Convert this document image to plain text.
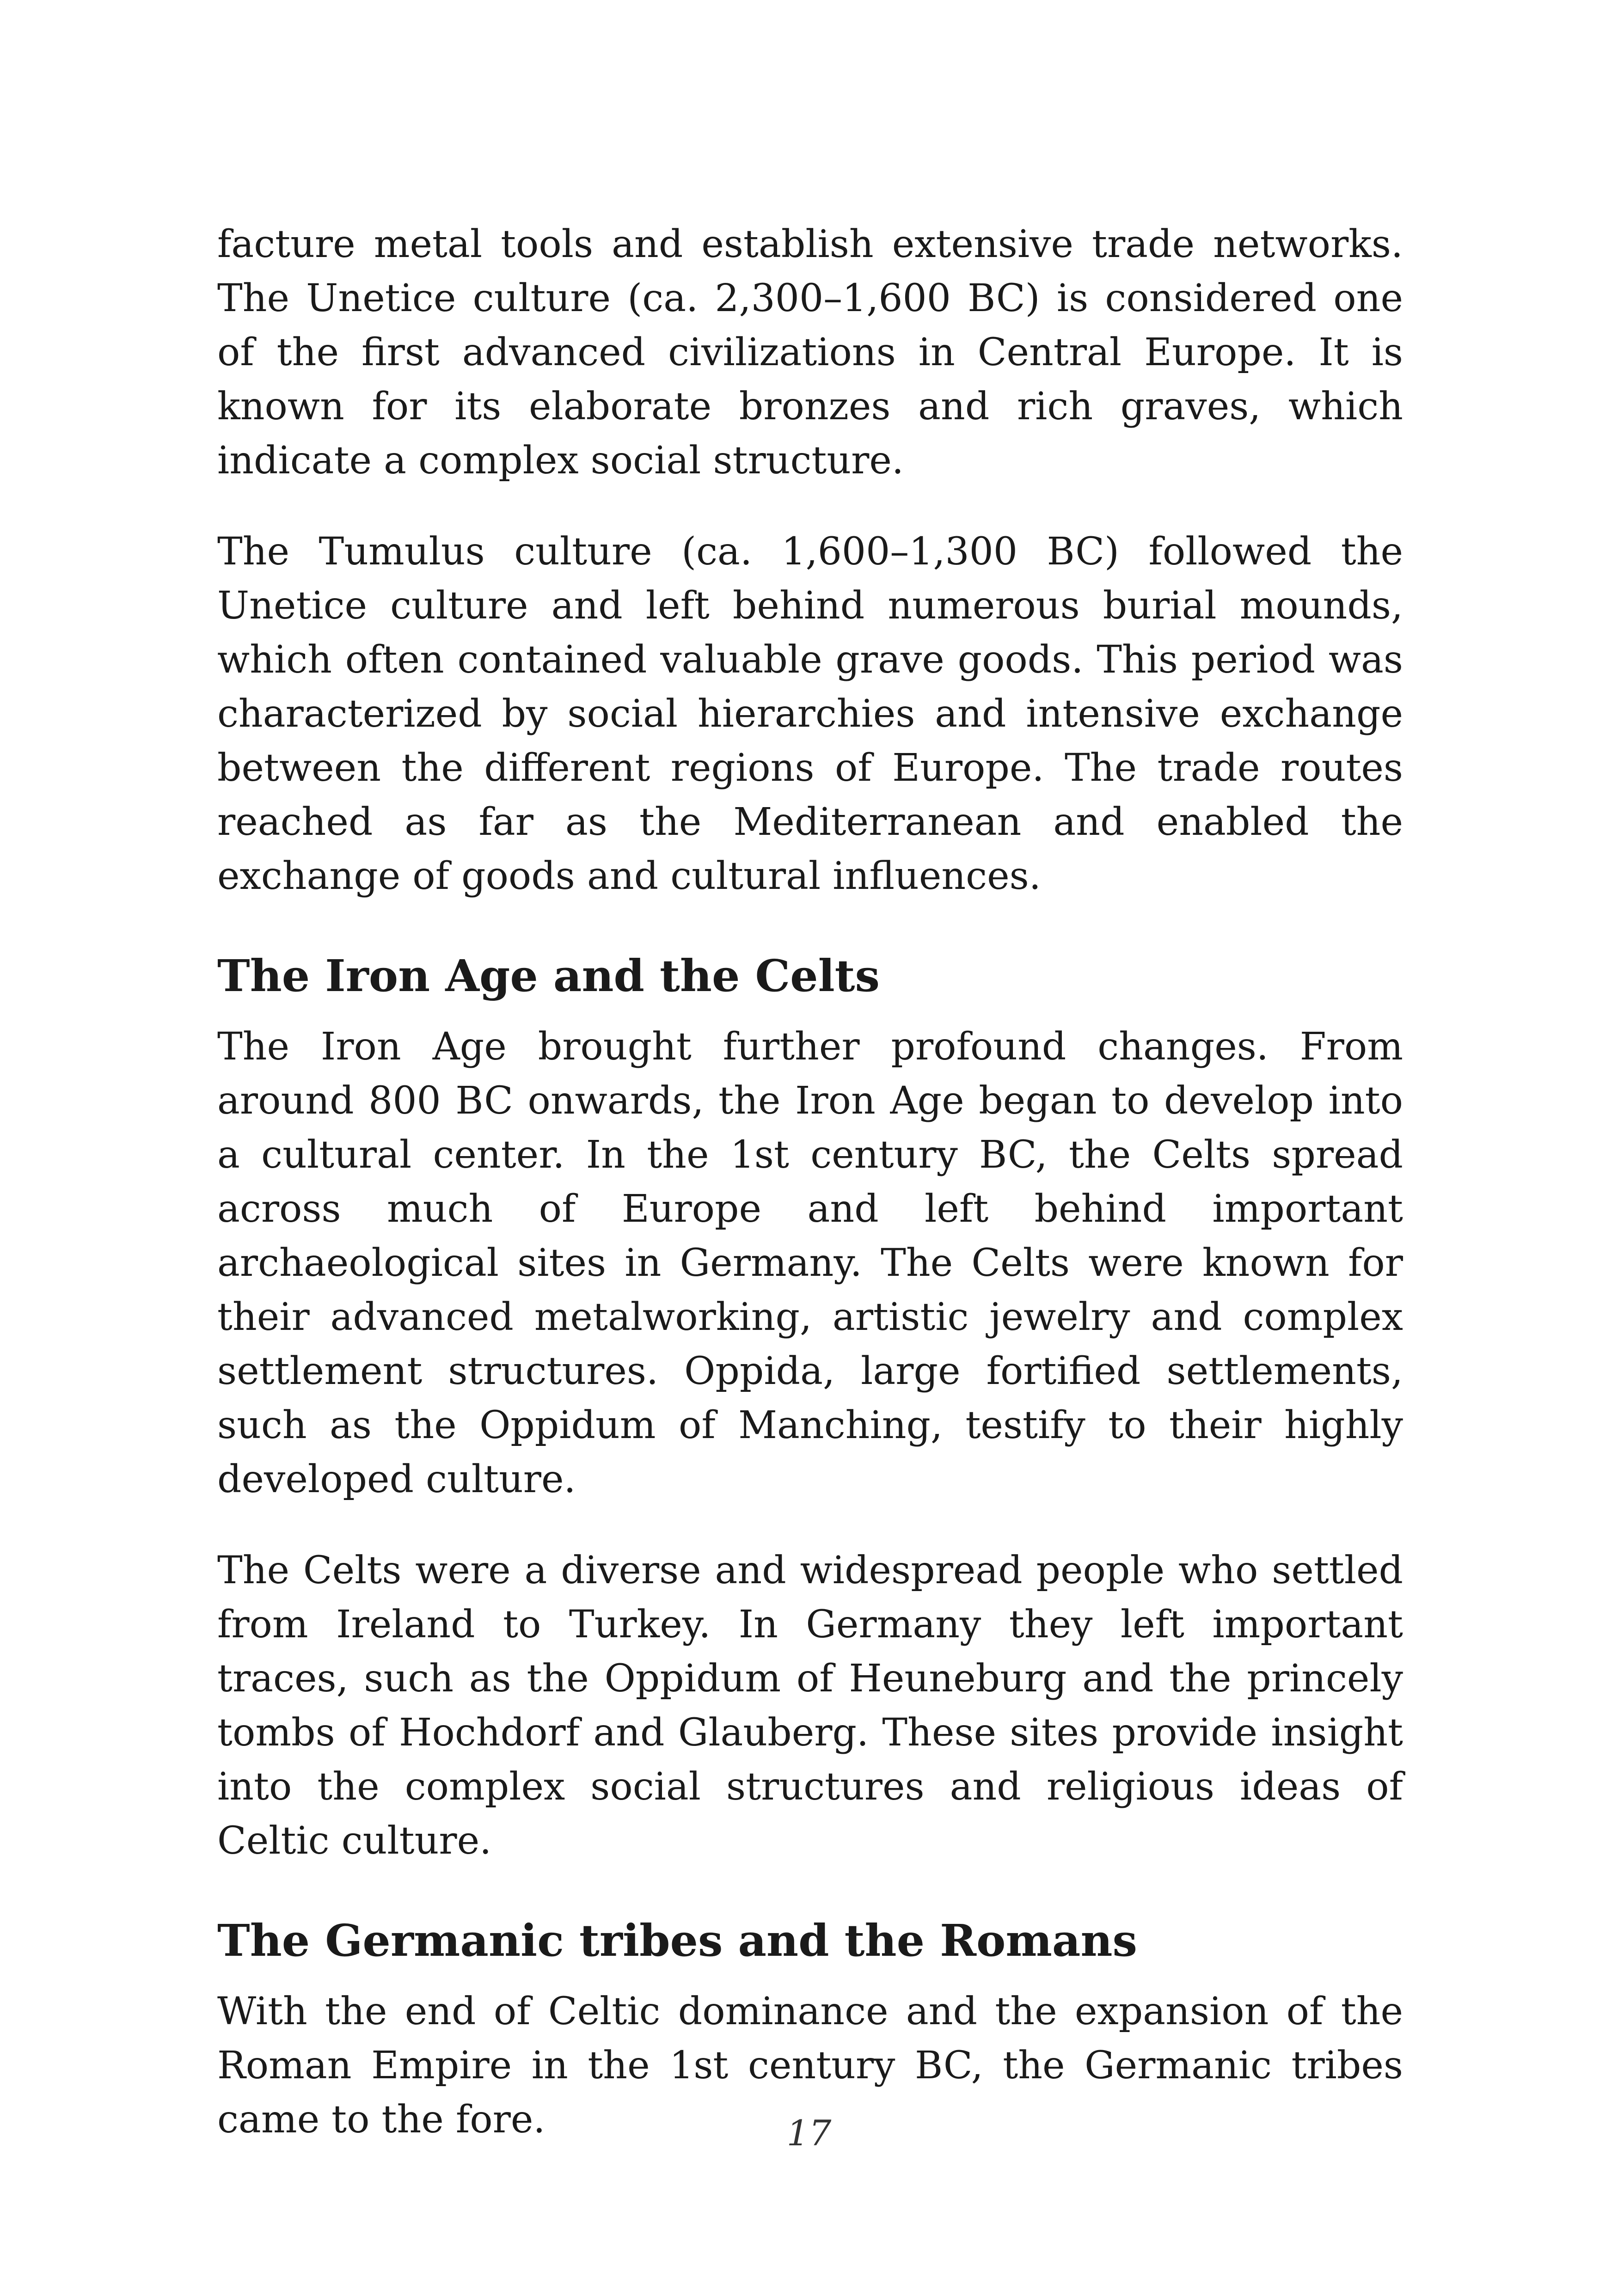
facture metal tools and establish extensive trade networks. The Unetice culture (ca. 2,300–1,600 BC) is considered one of the first advanced civilizations in Central Europe. It is known for its elaborate bronzes and rich graves, which indicate a complex social structure.

The Tumulus culture (ca. 1,600–1,300 BC) followed the Unetice culture and left behind numerous burial mounds, which often contained valuable grave goods. This period was characterized by social hierarchies and intensive exchange between the different regions of Europe. The trade routes reached as far as the Mediterranean and enabled the exchange of goods and cultural influences.

The Iron Age and the Celts

The Iron Age brought further profound changes. From around 800 BC onwards, the Iron Age began to develop into a cultural center. In the 1st century BC, the Celts spread across much of Europe and left behind important archaeological sites in Germany. The Celts were known for their advanced metalworking, artistic jewelry and complex settlement structures. Oppida, large fortified settlements, such as the Oppidum of Manching, testify to their highly developed culture.

The Celts were a diverse and widespread people who settled from Ireland to Turkey. In Germany they left important traces, such as the Oppidum of Heuneburg and the princely tombs of Hochdorf and Glauberg. These sites provide insight into the complex social structures and religious ideas of Celtic culture.

The Germanic tribes and the Romans

With the end of Celtic dominance and the expansion of the Roman Empire in the 1st century BC, the Germanic tribes came to the fore.	17
